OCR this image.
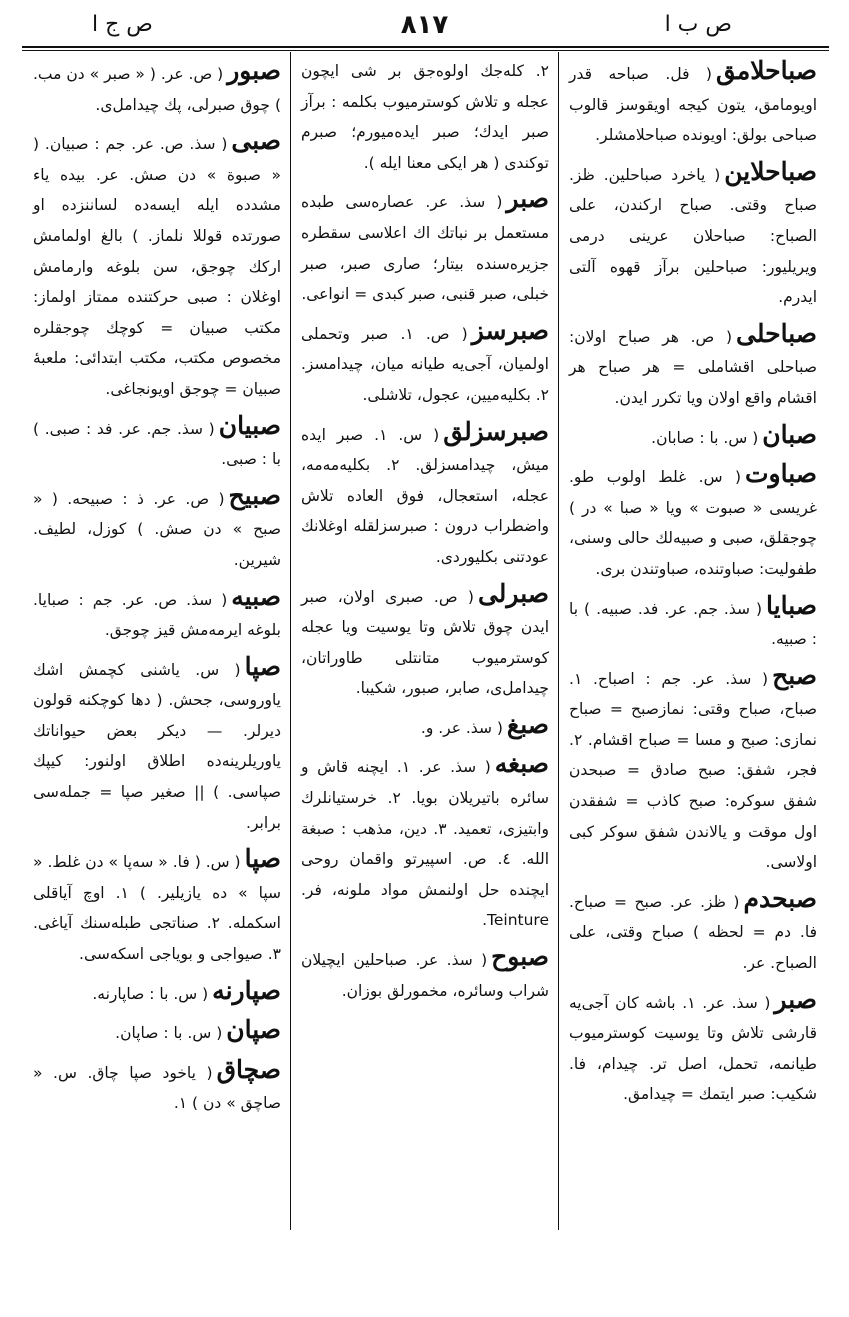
ص ج ا	٨١٧	ص ب ا

صباحلامق( فل. صباحه قدر اویومامق، یتون کیجه اویقوسز قالوب صباحی بولق: اویونده صباحلامشلر.

صباحلاین( یاخرد صباحلین. ظز. صباح وقتی. صباح اركندن، علی الصباح: صباحلان عرینی درمی ویریلیور: صباحلین برآز قهوه آلتی ایدرم.

صباحلی( ص. هر صباح اولان: صباحلی اقشاملی = هر صباح هر اقشام واقع اولان ویا تکرر ایدن.

صبان( س. با : صابان.

صباوت( س. غلط اولوب طو. غریسی « صبوت » ویا « صبا » در ) چوجقلق، صبی و صبیه‌لك حالی وسنی، طفولیت: صباوتنده، صباوتندن بری.

صبایا( سذ. جم. عر. فد. صبیه. ) با : صبیه.

صبح( سذ. عر. جم : اصباح. ١. صباح، صباح وقتی: نمازصبح = صباح نمازی: صبح و مسا = صباح اقشام. ٢. فجر، شفق: صبح صادق = صبحدن شفق سوکره: صبح کاذب = شفقدن اول موقت و یالاندن شفق سوکر کبی اولاسی.

صبحدم( ظز. عر. صبح = صباح. فا. دم = لحظه ) صباح وقتی، علی الصباح. عر.

صبر( سذ. عر. ١. باشه کان آجی‌یه قارشی تلاش وتا یوسیت کوسترمیوب طیانمه، تحمل، اصل تر. چیدام، فا. شکیب: صبر ایتمك = چیدامق.

٢. کله‌جك اولوه‌جق بر شی ایچون عجله و تلاش کوسترمیوب بکلمه : برآز صبر ایدك؛ صبر ایده‌میورم؛ صبرم توکندی ( هر ایکی معنا ایله ).

صبر( سذ. عر. عصاره‌سی طبده مستعمل بر نباتك اك اعلاسی سقطره جزیره‌سنده بیتار؛ صاری صبر، صبر خبلی، صبر قنبی، صبر کبدی = انواعی.

صبرسز( ص. ١. صبر وتحملی اولمیان، آجی‌یه طیانه میان، چیدامسز. ٢. بکلیه‌میین، عجول، تلاشلی.

صبرسزلق( س. ١. صبر ایده میش، چیدامسزلق. ٢. بکلیه‌مه‌مه، عجله، استعجال، فوق العاده تلاش واضطراب درون : صبرسزلقله اوغلانك عودتنی بکلیوردی.

صبرلی( ص. صبری اولان، صبر ایدن چوق تلاش وتا یوسیت ویا عجله کوسترمیوب متانتلی طاوراتان، چیدامل‌ی، صابر، صبور، شکیبا.

صبغ( سذ. عر. و.

صبغه( سذ. عر. ١. ایچنه قاش و سائره باتیریلان بویا. ٢. خرستیانلرك وابتیزی، تعمید. ٣. دین، مذهب : صبغة الله. ٤. ص. اسپیرتو واقمان روحی ایچنده حل اولنمش مواد ملونه، فر. Teinture.

صبوح( سذ. عر. صباحلین ایچیلان شراب وسائره، مخمورلق بوزان.

صبور( ص. عر. ( « صبر » دن مب. ) چوق صبرلی، پك چیدامل‌ی.

صبی( سذ. ص. عر. جم : صبیان. ( « صبوة » دن صش. عر. بیده یاء مشدده ایله ایسه‌ده لساننزده او صورتده قوللا نلماز. ) بالغ اولمامش اركك چوجق، سن بلوغه وارمامش اوغلان : صبی حرکتنده ممتاز اولماز: مكتب صبیان = کوچك چوجقلره مخصوص مكتب، مكتب ابتدائی: ملعبهٔ صبیان = چوجق اویونجاغی.

صبیان( سذ. جم. عر. فد : صبی. ) با : صبی.

صبیح( ص. عر. ذ : صبیحه. ( « صبح » دن صش. ) کوزل، لطیف. شیرین.

صبیه( سذ. ص. عر. جم : صبایا. بلوغه ایرمه‌مش قیز چوجق.

صپا( س. یاشنی کچمش اشك یاوروسی، جحش. ( دها کوچکنه قولون دیرلر. — دیکر بعض حیواناتك یاوریلرینه‌ده اطلاق اولنور: کیپك صپاسی. ) || صغیر صپا = جمله‌سی برابر.

صپا( س. ( فا. « سه‌پا » دن غلط. « سپا » ده یازیلیر. ) ١. اوچ آیاقلی اسکمله. ٢. صناتجی طبله‌سنك آیاغی. ٣. صیواجی و بویاجی اسکه‌سی.

صپارنه( س. با : صاپارنه.

صپان( س. با : صاپان.

صچاق( یاخود صپا چاق. س. « صاچق » دن ) ١.
